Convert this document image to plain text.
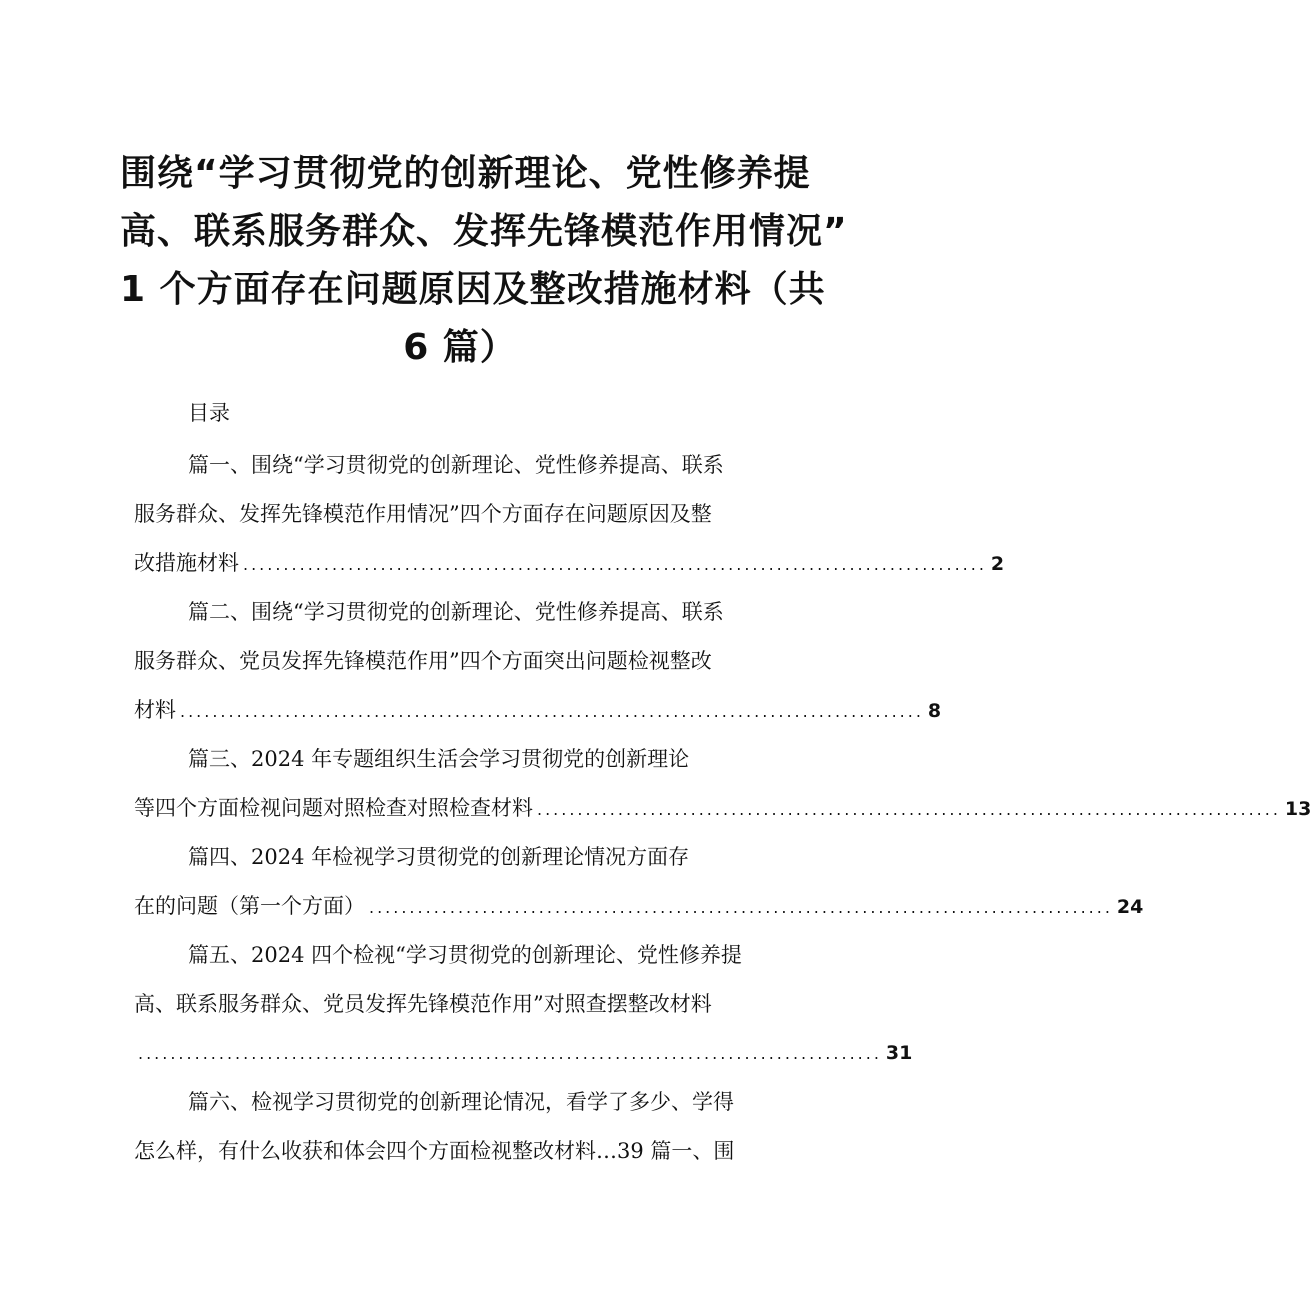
围绕“学习贯彻党的创新理论、党性修养提
高、联系服务群众、发挥先锋模范作用情况”
1 个方面存在问题原因及整改措施材料（共
6 篇）
目录
篇一、围绕“学习贯彻党的创新理论、党性修养提高、联系
服务群众、发挥先锋模范作用情况”四个方面存在问题原因及整
改措施材料 ............................................................................................ 2
篇二、围绕“学习贯彻党的创新理论、党性修养提高、联系
服务群众、党员发挥先锋模范作用”四个方面突出问题检视整改
材料 ............................................................................................ 8
篇三、2024 年专题组织生活会学习贯彻党的创新理论
等四个方面检视问题对照检查对照检查材料 ............................................................................................ 13
篇四、2024 年检视学习贯彻党的创新理论情况方面存
在的问题（第一个方面） ............................................................................................ 24
篇五、2024 四个检视“学习贯彻党的创新理论、党性修养提
高、联系服务群众、党员发挥先锋模范作用”对照查摆整改材料
............................................................................................ 31
篇六、检视学习贯彻党的创新理论情况，看学了多少、学得
怎么样，有什么收获和体会四个方面检视整改材料…39 篇一、围
